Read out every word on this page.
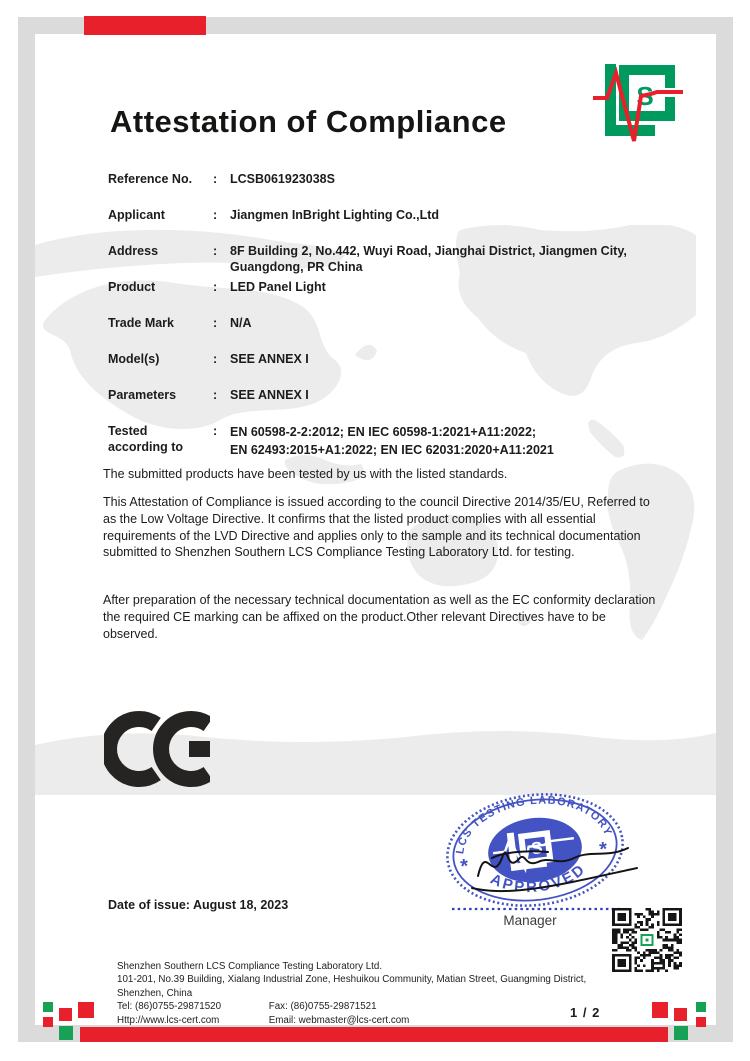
S
Attestation of Compliance
Reference No.	: LCSB061923038S
Applicant	: Jiangmen InBright Lighting Co.,Ltd
Address	: 8F Building 2, No.442, Wuyi Road, Jianghai District, Jiangmen City, Guangdong, PR China
Product	: LED Panel Light
Trade Mark	: N/A
Model(s)	: SEE ANNEX I
Parameters	: SEE ANNEX I
Tested according to
: EN 60598-2-2:2012; EN IEC 60598-1:2021+A11:2022;
EN 62493:2015+A1:2022; EN IEC 62031:2020+A11:2021

The submitted products have been tested by us with the listed standards.

This Attestation of Compliance is issued according to the council Directive 2014/35/EU, Referred to as the Low Voltage Directive. It confirms that the listed product complies with all essential requirements of the LVD Directive and applies only to the sample and its technical documentation submitted to Shenzhen Southern LCS Compliance Testing Laboratory Ltd. for testing.

After preparation of the necessary technical documentation as well as the EC conformity declaration the required CE marking can be affixed on the product.Other relevant Directives have to be observed.

S
LCS TESTING LABORATORY
APPROVED
*
*
Manager
Date of issue: August 18, 2023
Shenzhen Southern LCS Compliance Testing Laboratory Ltd.
101-201, No.39 Building, Xialang Industrial Zone, Heshuikou Community, Matian Street, Guangming District,
Shenzhen, China
Tel: (86)0755-29871520	Fax: (86)0755-29871521
Http://www.lcs-cert.com	Email: webmaster@lcs-cert.com
1 / 2
